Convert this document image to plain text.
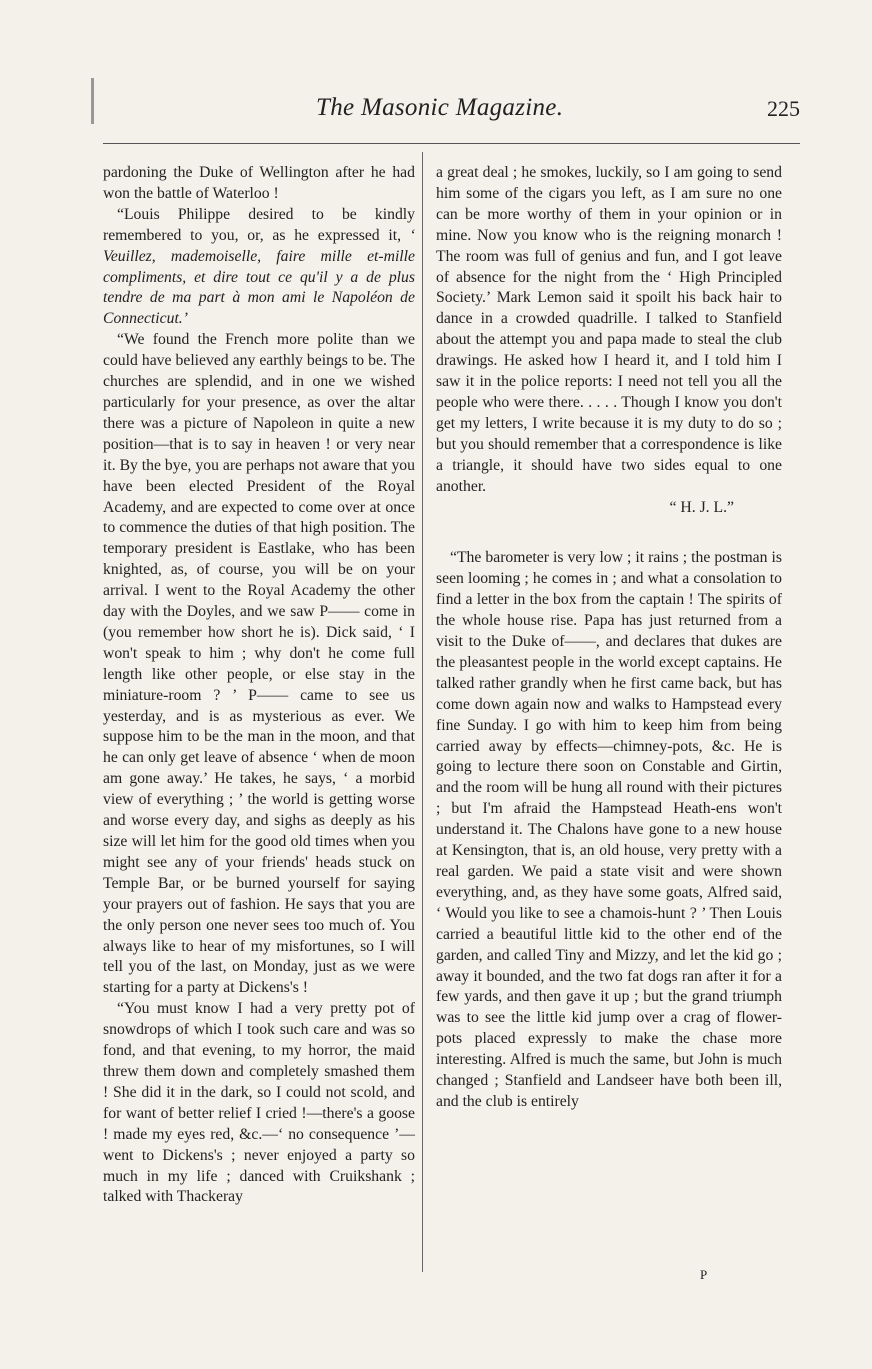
The Masonic Magazine.	225

pardoning the Duke of Wellington after he had won the battle of Waterloo !

“Louis Philippe desired to be kindly remembered to you, or, as he expressed it, ‘ Veuillez, mademoiselle, faire mille et-mille compliments, et dire tout ce qu'il y a de plus tendre de ma part à mon ami le Napoléon de Connecticut.’

“We found the French more polite than we could have believed any earthly beings to be. The churches are splendid, and in one we wished particularly for your presence, as over the altar there was a picture of Napoleon in quite a new position—that is to say in heaven ! or very near it. By the bye, you are perhaps not aware that you have been elected President of the Royal Academy, and are expected to come over at once to commence the duties of that high position. The temporary president is Eastlake, who has been knighted, as, of course, you will be on your arrival. I went to the Royal Academy the other day with the Doyles, and we saw P—— come in (you remember how short he is). Dick said, ‘ I won't speak to him ; why don't he come full length like other people, or else stay in the miniature-room ? ’ P—— came to see us yesterday, and is as mysterious as ever. We suppose him to be the man in the moon, and that he can only get leave of absence ‘ when de moon am gone away.’ He takes, he says, ‘ a morbid view of everything ; ’ the world is getting worse and worse every day, and sighs as deeply as his size will let him for the good old times when you might see any of your friends' heads stuck on Temple Bar, or be burned yourself for saying your prayers out of fashion. He says that you are the only person one never sees too much of. You always like to hear of my misfortunes, so I will tell you of the last, on Monday, just as we were starting for a party at Dickens's !

“You must know I had a very pretty pot of snowdrops of which I took such care and was so fond, and that evening, to my horror, the maid threw them down and completely smashed them ! She did it in the dark, so I could not scold, and for want of better relief I cried !—there's a goose ! made my eyes red, &c.—‘ no consequence ’—went to Dickens's ; never enjoyed a party so much in my life ; danced with Cruikshank ; talked with Thackeray

a great deal ; he smokes, luckily, so I am going to send him some of the cigars you left, as I am sure no one can be more worthy of them in your opinion or in mine. Now you know who is the reigning monarch ! The room was full of genius and fun, and I got leave of absence for the night from the ‘ High Principled Society.’ Mark Lemon said it spoilt his back hair to dance in a crowded quadrille. I talked to Stanfield about the attempt you and papa made to steal the club drawings. He asked how I heard it, and I told him I saw it in the police reports: I need not tell you all the people who were there. . . . . Though I know you don't get my letters, I write because it is my duty to do so ; but you should remember that a correspondence is like a triangle, it should have two sides equal to one another.

“ H. J. L.”

“The barometer is very low ; it rains ; the postman is seen looming ; he comes in ; and what a consolation to find a letter in the box from the captain ! The spirits of the whole house rise. Papa has just returned from a visit to the Duke of——, and declares that dukes are the pleasantest people in the world except captains. He talked rather grandly when he first came back, but has come down again now and walks to Hampstead every fine Sunday. I go with him to keep him from being carried away by effects—chimney-pots, &c. He is going to lecture there soon on Constable and Girtin, and the room will be hung all round with their pictures ; but I'm afraid the Hampstead Heath-ens won't understand it. The Chalons have gone to a new house at Kensington, that is, an old house, very pretty with a real garden. We paid a state visit and were shown everything, and, as they have some goats, Alfred said, ‘ Would you like to see a chamois-hunt ? ’ Then Louis carried a beautiful little kid to the other end of the garden, and called Tiny and Mizzy, and let the kid go ; away it bounded, and the two fat dogs ran after it for a few yards, and then gave it up ; but the grand triumph was to see the little kid jump over a crag of flower-pots placed expressly to make the chase more interesting. Alfred is much the same, but John is much changed ; Stanfield and Landseer have both been ill, and the club is entirely

P
